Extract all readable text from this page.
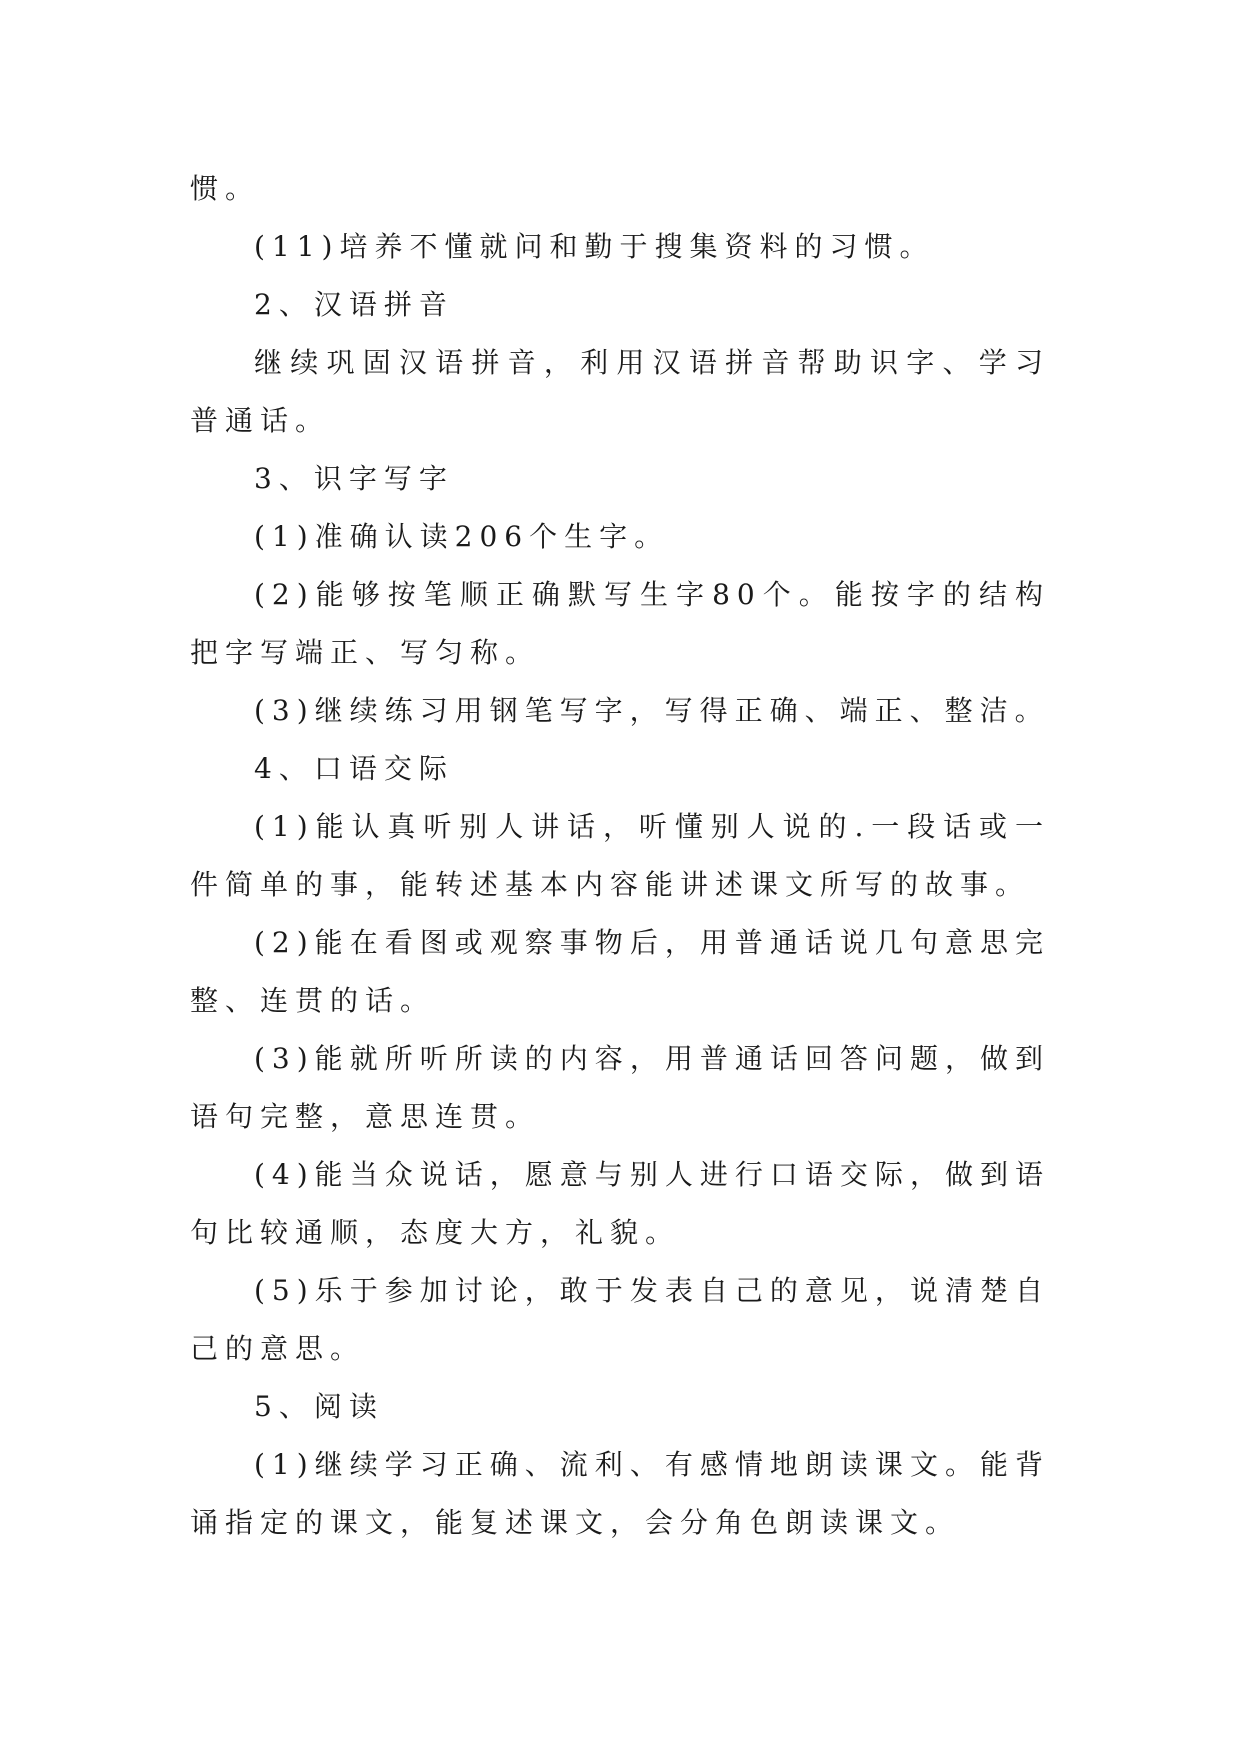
惯。

(11)培养不懂就问和勤于搜集资料的习惯。

2、汉语拼音

继续巩固汉语拼音，利用汉语拼音帮助识字、学习普通话。

3、识字写字

(1)准确认读206个生字。

(2)能够按笔顺正确默写生字80个。能按字的结构把字写端正、写匀称。

(3)继续练习用钢笔写字，写得正确、端正、整洁。

4、口语交际

(1)能认真听别人讲话，听懂别人说的.一段话或一件简单的事，能转述基本内容能讲述课文所写的故事。

(2)能在看图或观察事物后，用普通话说几句意思完整、连贯的话。

(3)能就所听所读的内容，用普通话回答问题，做到语句完整，意思连贯。

(4)能当众说话，愿意与别人进行口语交际，做到语句比较通顺，态度大方，礼貌。

(5)乐于参加讨论，敢于发表自己的意见，说清楚自己的意思。

5、阅读

(1)继续学习正确、流利、有感情地朗读课文。能背诵指定的课文，能复述课文，会分角色朗读课文。
